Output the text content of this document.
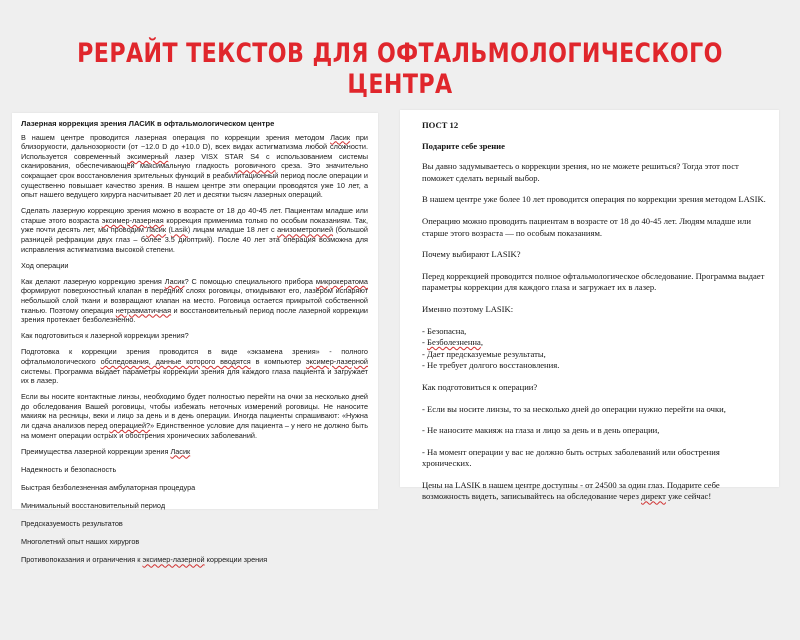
РЕРАЙТ ТЕКСТОВ ДЛЯ ОФТАЛЬМОЛОГИЧЕСКОГО ЦЕНТРА
Лазерная коррекция зрения ЛАСИК в офтальмологическом центре

В нашем центре проводится лазерная операция по коррекции зрения методом Ласик при близорукости, дальнозоркости (от −12.0 D до +10.0 D), всех видах астигматизма любой сложности. Используется современный эксимерный лазер VISX STAR S4 с использованием системы сканирования, обеспечивающей максимальную гладкость роговичного среза. Это значительно сокращает срок восстановления зрительных функций в реабилитационный период после операции и существенно повышает качество зрения. В нашем центре эти операции проводятся уже 10 лет, а опыт нашего ведущего хирурга насчитывает 20 лет и десятки тысяч лазерных операций.

Сделать лазерную коррекцию зрения можно в возрасте от 18 до 40-45 лет. Пациентам младше или старше этого возраста эксимер-лазерная коррекция применима только по особым показаниям. Так, уже почти десять лет, мы проводим Ласик (Lasik) лицам младше 18 лет с анизометропией (большой разницей рефракции двух глаз – более 3.5 диоптрий). После 40 лет эта операция возможна для исправления астигматизма высокой степени.

Ход операции

Как делают лазерную коррекцию зрения Ласик? С помощью специального прибора микрокератома формируют поверхностный клапан в передних слоях роговицы, откидывают его, лазером испаряют небольшой слой ткани и возвращают клапан на место. Роговица остается прикрытой собственной тканью. Поэтому операция нетравматичная и восстановительный период после лазерной коррекции зрения протекает безболезненно.

Как подготовиться к лазерной коррекции зрения?

Подготовка к коррекции зрения проводится в виде «экзамена зрения» - полного офтальмологического обследования, данные которого вводятся в компьютер эксимер-лазерной системы. Программа выдает параметры коррекции зрения для каждого глаза пациента и загружает их в лазер.

Если вы носите контактные линзы, необходимо будет полностью перейти на очки за несколько дней до обследования Вашей роговицы, чтобы избежать неточных измерений роговицы. Не наносите макияж на ресницы, веки и лицо за день и в день операции. Иногда пациенты спрашивают: «Нужна ли сдача анализов перед операцией?» Единственное условие для пациента – у него не должно быть на момент операции острых и обострения хронических заболеваний.

Преимущества лазерной коррекции зрения Ласик

Надежность и безопасность

Быстрая безболезненная амбулаторная процедура

Минимальный восстановительный период

Предсказуемость результатов

Многолетний опыт наших хирургов

Противопоказания и ограничения к эксимер-лазерной коррекции зрения

ПОСТ 12

Подарите себе зрение

Вы давно задумываетесь о коррекции зрения, но не можете решиться? Тогда этот пост поможет сделать верный выбор.

В нашем центре уже более 10 лет проводится операция по коррекции зрения методом LASIK.

Операцию можно проводить пациентам в возрасте от 18 до 40-45 лет. Людям младше или старше этого возраста — по особым показаниям.

Почему выбирают LASIK?

Перед коррекцией проводится полное офтальмологическое обследование. Программа выдает параметры коррекции для каждого глаза и загружает их в лазер.

Именно поэтому LASIK:

- Безопасна,

- Безболезненна,

- Дает предсказуемые результаты,

- Не требует долгого восстановления.

Как подготовиться к операции?

- Если вы носите линзы, то за несколько дней до операции нужно перейти на очки,

- Не наносите макияж на глаза и лицо за день и в день операции,

- На момент операции у вас не должно быть острых заболеваний или обострения хронических.

Цены на LASIK в нашем центре доступны - от 24500 за один глаз. Подарите себе возможность видеть, записывайтесь на обследование через директ уже сейчас!
